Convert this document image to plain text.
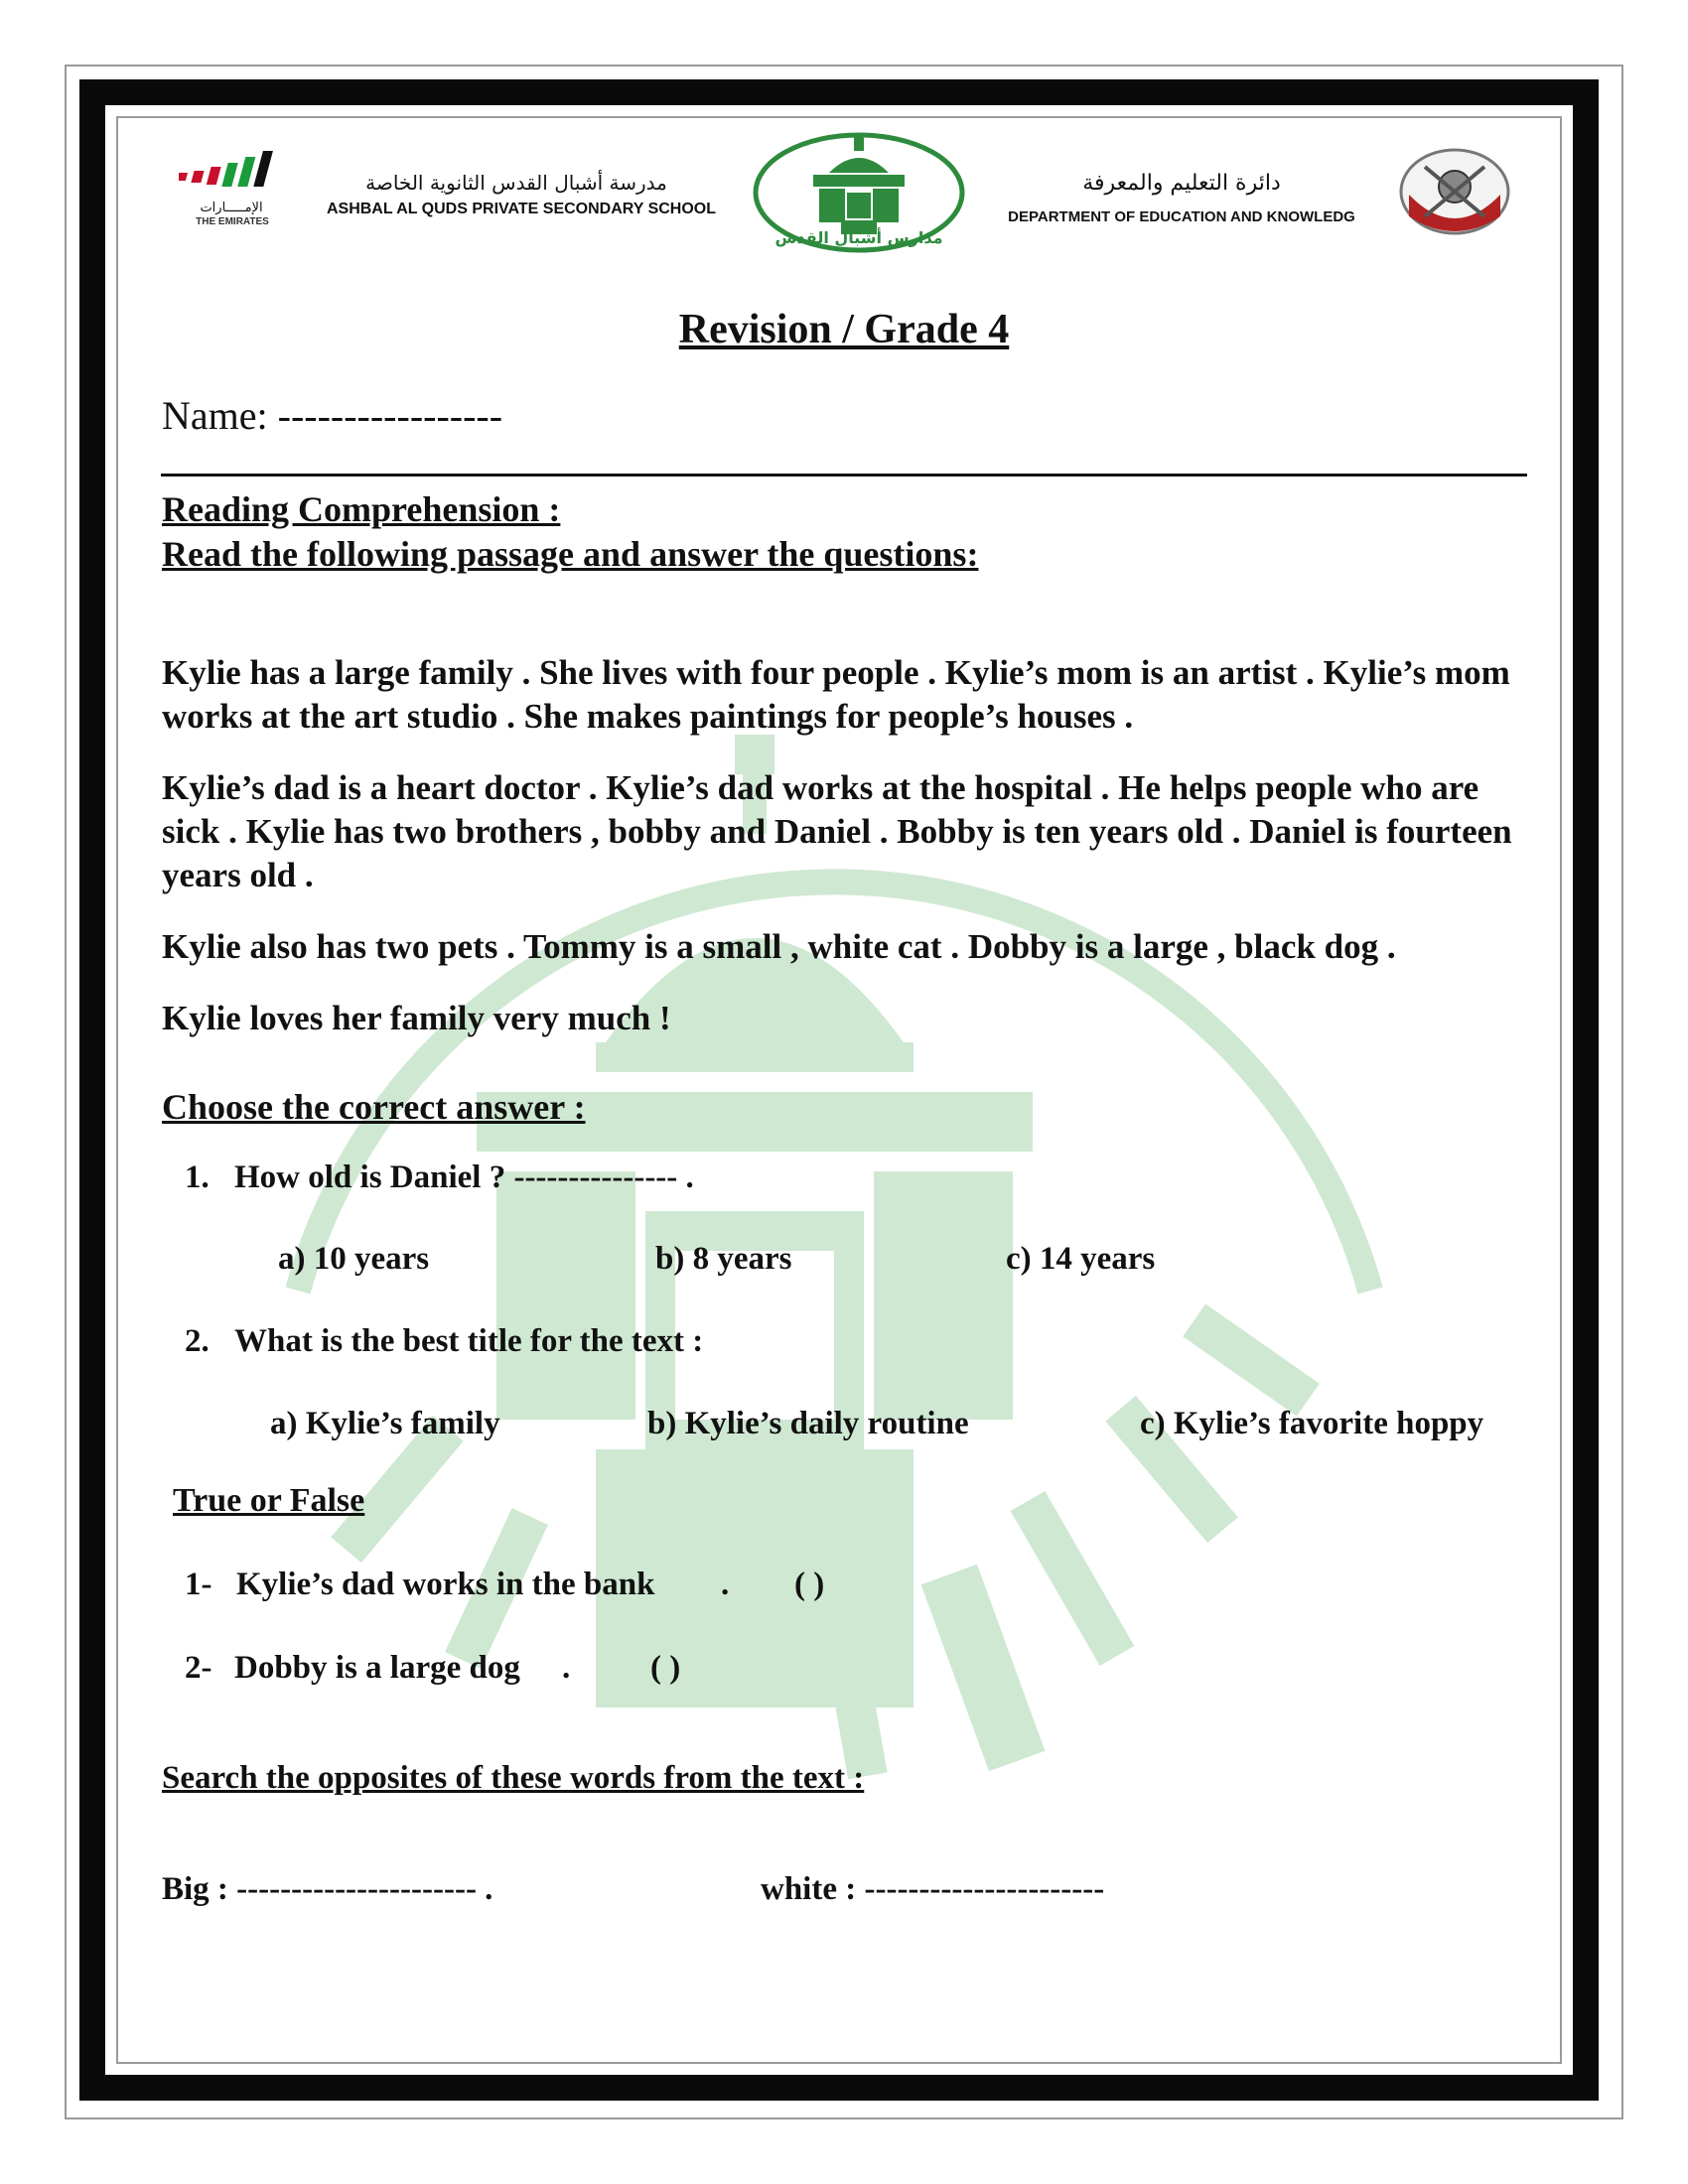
الإمـــــارات
THE EMIRATES
مدرسة أشبال القدس الثانوية الخاصة
ASHBAL AL QUDS PRIVATE SECONDARY SCHOOL
مدارس أشبال القدس
دائرة التعليم والمعرفة
DEPARTMENT OF EDUCATION AND KNOWLEDG
Revision / Grade 4
Name: -----------------
Reading Comprehension :
Read the following passage and answer the questions:
Kylie has a large family . She lives with four people . Kylie’s mom is an artist . Kylie’s mom works at the art studio . She makes paintings for people’s houses .
Kylie’s dad is a heart doctor . Kylie’s dad works at the hospital . He helps people who are sick . Kylie has two brothers , bobby and Daniel . Bobby is ten years old . Daniel is fourteen years old .
Kylie also has two pets . Tommy is a small , white cat . Dobby is a large , black dog .
Kylie loves her family very much !
Choose the correct answer :
1. How old is Daniel ? --------------- .
a) 10 years	b) 8 years	c) 14 years
2. What is the best title for the text :
a) Kylie’s family	b) Kylie’s daily routine	c) Kylie’s favorite hoppy
True or False
1- Kylie’s dad works in the bank . ( )
2- Dobby is a large dog . ( )
Search the opposites of these words from the text :
Big : ---------------------- .	white : ----------------------
